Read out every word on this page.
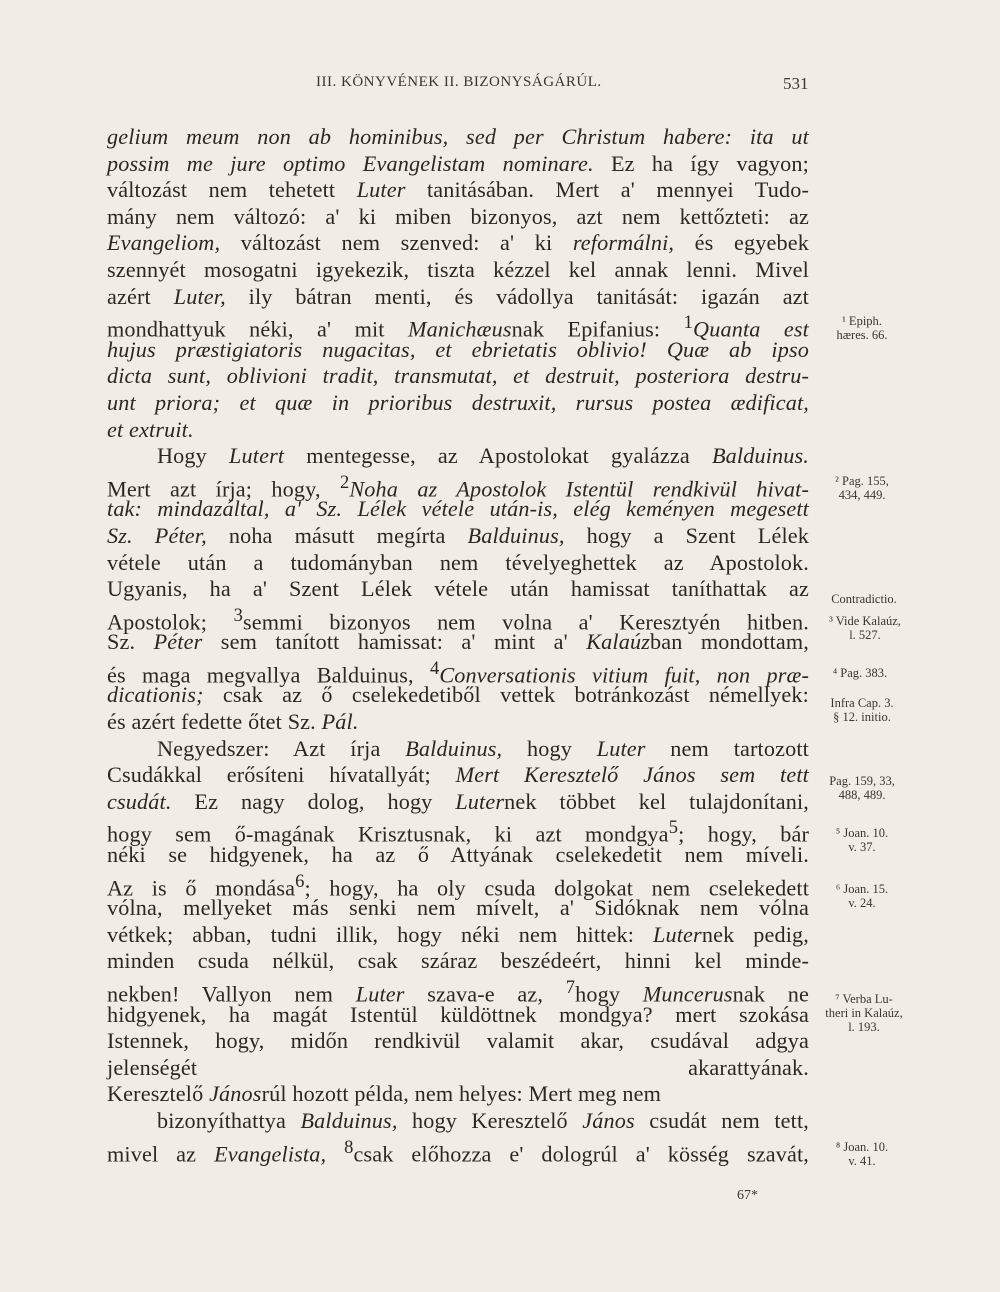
III. KÖNYVÉNEK II. BIZONYSÁGÁRÚL.	531
gelium meum non ab hominibus, sed per Christum habere: ita ut
possim me jure optimo Evangelistam nominare. Ez ha így vagyon;
változást nem tehetett Luter tanitásában. Mert a' mennyei Tudo-
mány nem változó: a' ki miben bizonyos, azt nem kettőzteti: az
Evangeliom, változást nem szenved: a' ki reformálni, és egyebek
szennyét mosogatni igyekezik, tiszta kézzel kel annak lenni. Mivel
azért Luter, ily bátran menti, és vádollya tanitását: igazán azt
mondhattyuk néki, a' mit Manichæusnak Epifanius: $^1$Quanta est
hujus præstigiatoris nugacitas, et ebrietatis oblivio! Quæ ab ipso
dicta sunt, oblivioni tradit, transmutat, et destruit, posteriora destru-
unt priora; et quæ in prioribus destruxit, rursus postea ædificat,
et extruit.
Hogy Lutert mentegesse, az Apostolokat gyalázza Balduinus.
Mert azt írja; hogy, $^2$Noha az Apostolok Istentül rendkivül hivat-
tak: mindazáltal, a' Sz. Lélek vétele után-is, elég keményen megesett
Sz. Péter, noha másutt megírta Balduinus, hogy a Szent Lélek
vétele után a tudományban nem tévelyeghettek az Apostolok.
Ugyanis, ha a' Szent Lélek vétele után hamissat taníthattak az
Apostolok; $^3$semmi bizonyos nem volna a' Keresztyén hitben.
Sz. Péter sem tanított hamissat: a' mint a' Kalaúzban mondottam,
és maga megvallya Balduinus, $^4$Conversationis vitium fuit, non præ-
dicationis; csak az ő cselekedetiből vettek botránkozást némellyek:
és azért fedette őtet Sz. Pál.
Negyedszer: Azt írja Balduinus, hogy Luter nem tartozott
Csudákkal erősíteni hívatallyát; Mert Keresztelő János sem tett
csudát. Ez nagy dolog, hogy Luternek többet kel tulajdonítani,
hogy sem ő-magának Krisztusnak, ki azt mondgya$^5$; hogy, bár
néki se hidgyenek, ha az ő Attyának cselekedetit nem míveli.
Az is ő mondása$^6$; hogy, ha oly csuda dolgokat nem cselekedett
vólna, mellyeket más senki nem mívelt, a' Sidóknak nem vólna
vétkek; abban, tudni illik, hogy néki nem hittek: Luternek pedig,
minden csuda nélkül, csak száraz beszédeért, hinni kel minde-
nekben! Vallyon nem Luter szava-e az, $^7$hogy Muncerusnak ne
hidgyenek, ha magát Istentül küldöttnek mondgya? mert szokása
Istennek, hogy, midőn rendkivül valamit akar, csudával adgya
jelenségét akarattyának.
Keresztelő Jánosrúl hozott példa, nem helyes: Mert meg nem
bizonyíthattya Balduinus, hogy Keresztelő János csudát nem tett,
mivel az Evangelista, $^8$csak előhozza e' dologrúl a' kösség szavát,
¹ Epiph.
hæres. 66.
² Pag. 155,
434, 449.
Contradictio.
³ Vide Kalaúz,
l. 527.
⁴ Pag. 383.
Infra Cap. 3.
§ 12. initio.
Pag. 159, 33,
488, 489.
⁵ Joan. 10.
v. 37.
⁶ Joan. 15.
v. 24.
⁷ Verba Lu-
theri in Kalaúz,
l. 193.
⁸ Joan. 10.
v. 41.
67*
